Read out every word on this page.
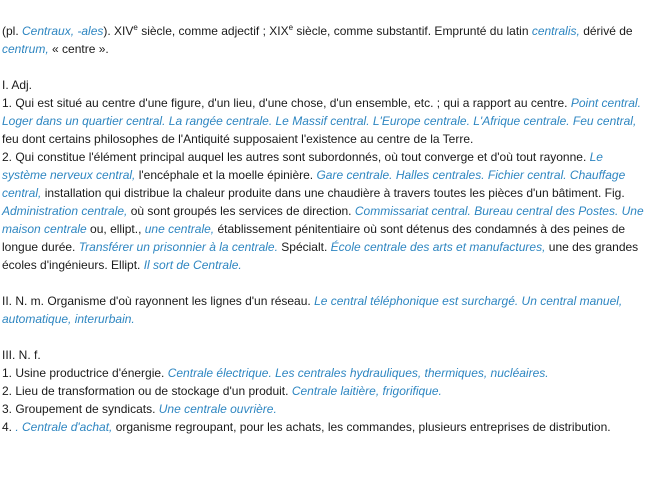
(pl. Centraux, -ales). XIVe siècle, comme adjectif ; XIXe siècle, comme substantif. Emprunté du latin centralis, dérivé de centrum, « centre ».

I. Adj.

1. Qui est situé au centre d'une figure, d'un lieu, d'une chose, d'un ensemble, etc. ; qui a rapport au centre. Point central. Loger dans un quartier central. La rangée centrale. Le Massif central. L'Europe centrale. L'Afrique centrale. Feu central, feu dont certains philosophes de l'Antiquité supposaient l'existence au centre de la Terre.

2. Qui constitue l'élément principal auquel les autres sont subordonnés, où tout converge et d'où tout rayonne. Le système nerveux central, l'encéphale et la moelle épinière. Gare centrale. Halles centrales. Fichier central. Chauffage central, installation qui distribue la chaleur produite dans une chaudière à travers toutes les pièces d'un bâtiment. Fig. Administration centrale, où sont groupés les services de direction. Commissariat central. Bureau central des Postes. Une maison centrale ou, ellipt., une centrale, établissement pénitentiaire où sont détenus des condamnés à des peines de longue durée. Transférer un prisonnier à la centrale. Spécialt. École centrale des arts et manufactures, une des grandes écoles d'ingénieurs. Ellipt. Il sort de Centrale.

II. N. m. Organisme d'où rayonnent les lignes d'un réseau. Le central téléphonique est surchargé. Un central manuel, automatique, interurbain.

III. N. f.

1. Usine productrice d'énergie. Centrale électrique. Les centrales hydrauliques, thermiques, nucléaires.

2. Lieu de transformation ou de stockage d'un produit. Centrale laitière, frigorifique.

3. Groupement de syndicats. Une centrale ouvrière.

4. . Centrale d'achat, organisme regroupant, pour les achats, les commandes, plusieurs entreprises de distribution.
